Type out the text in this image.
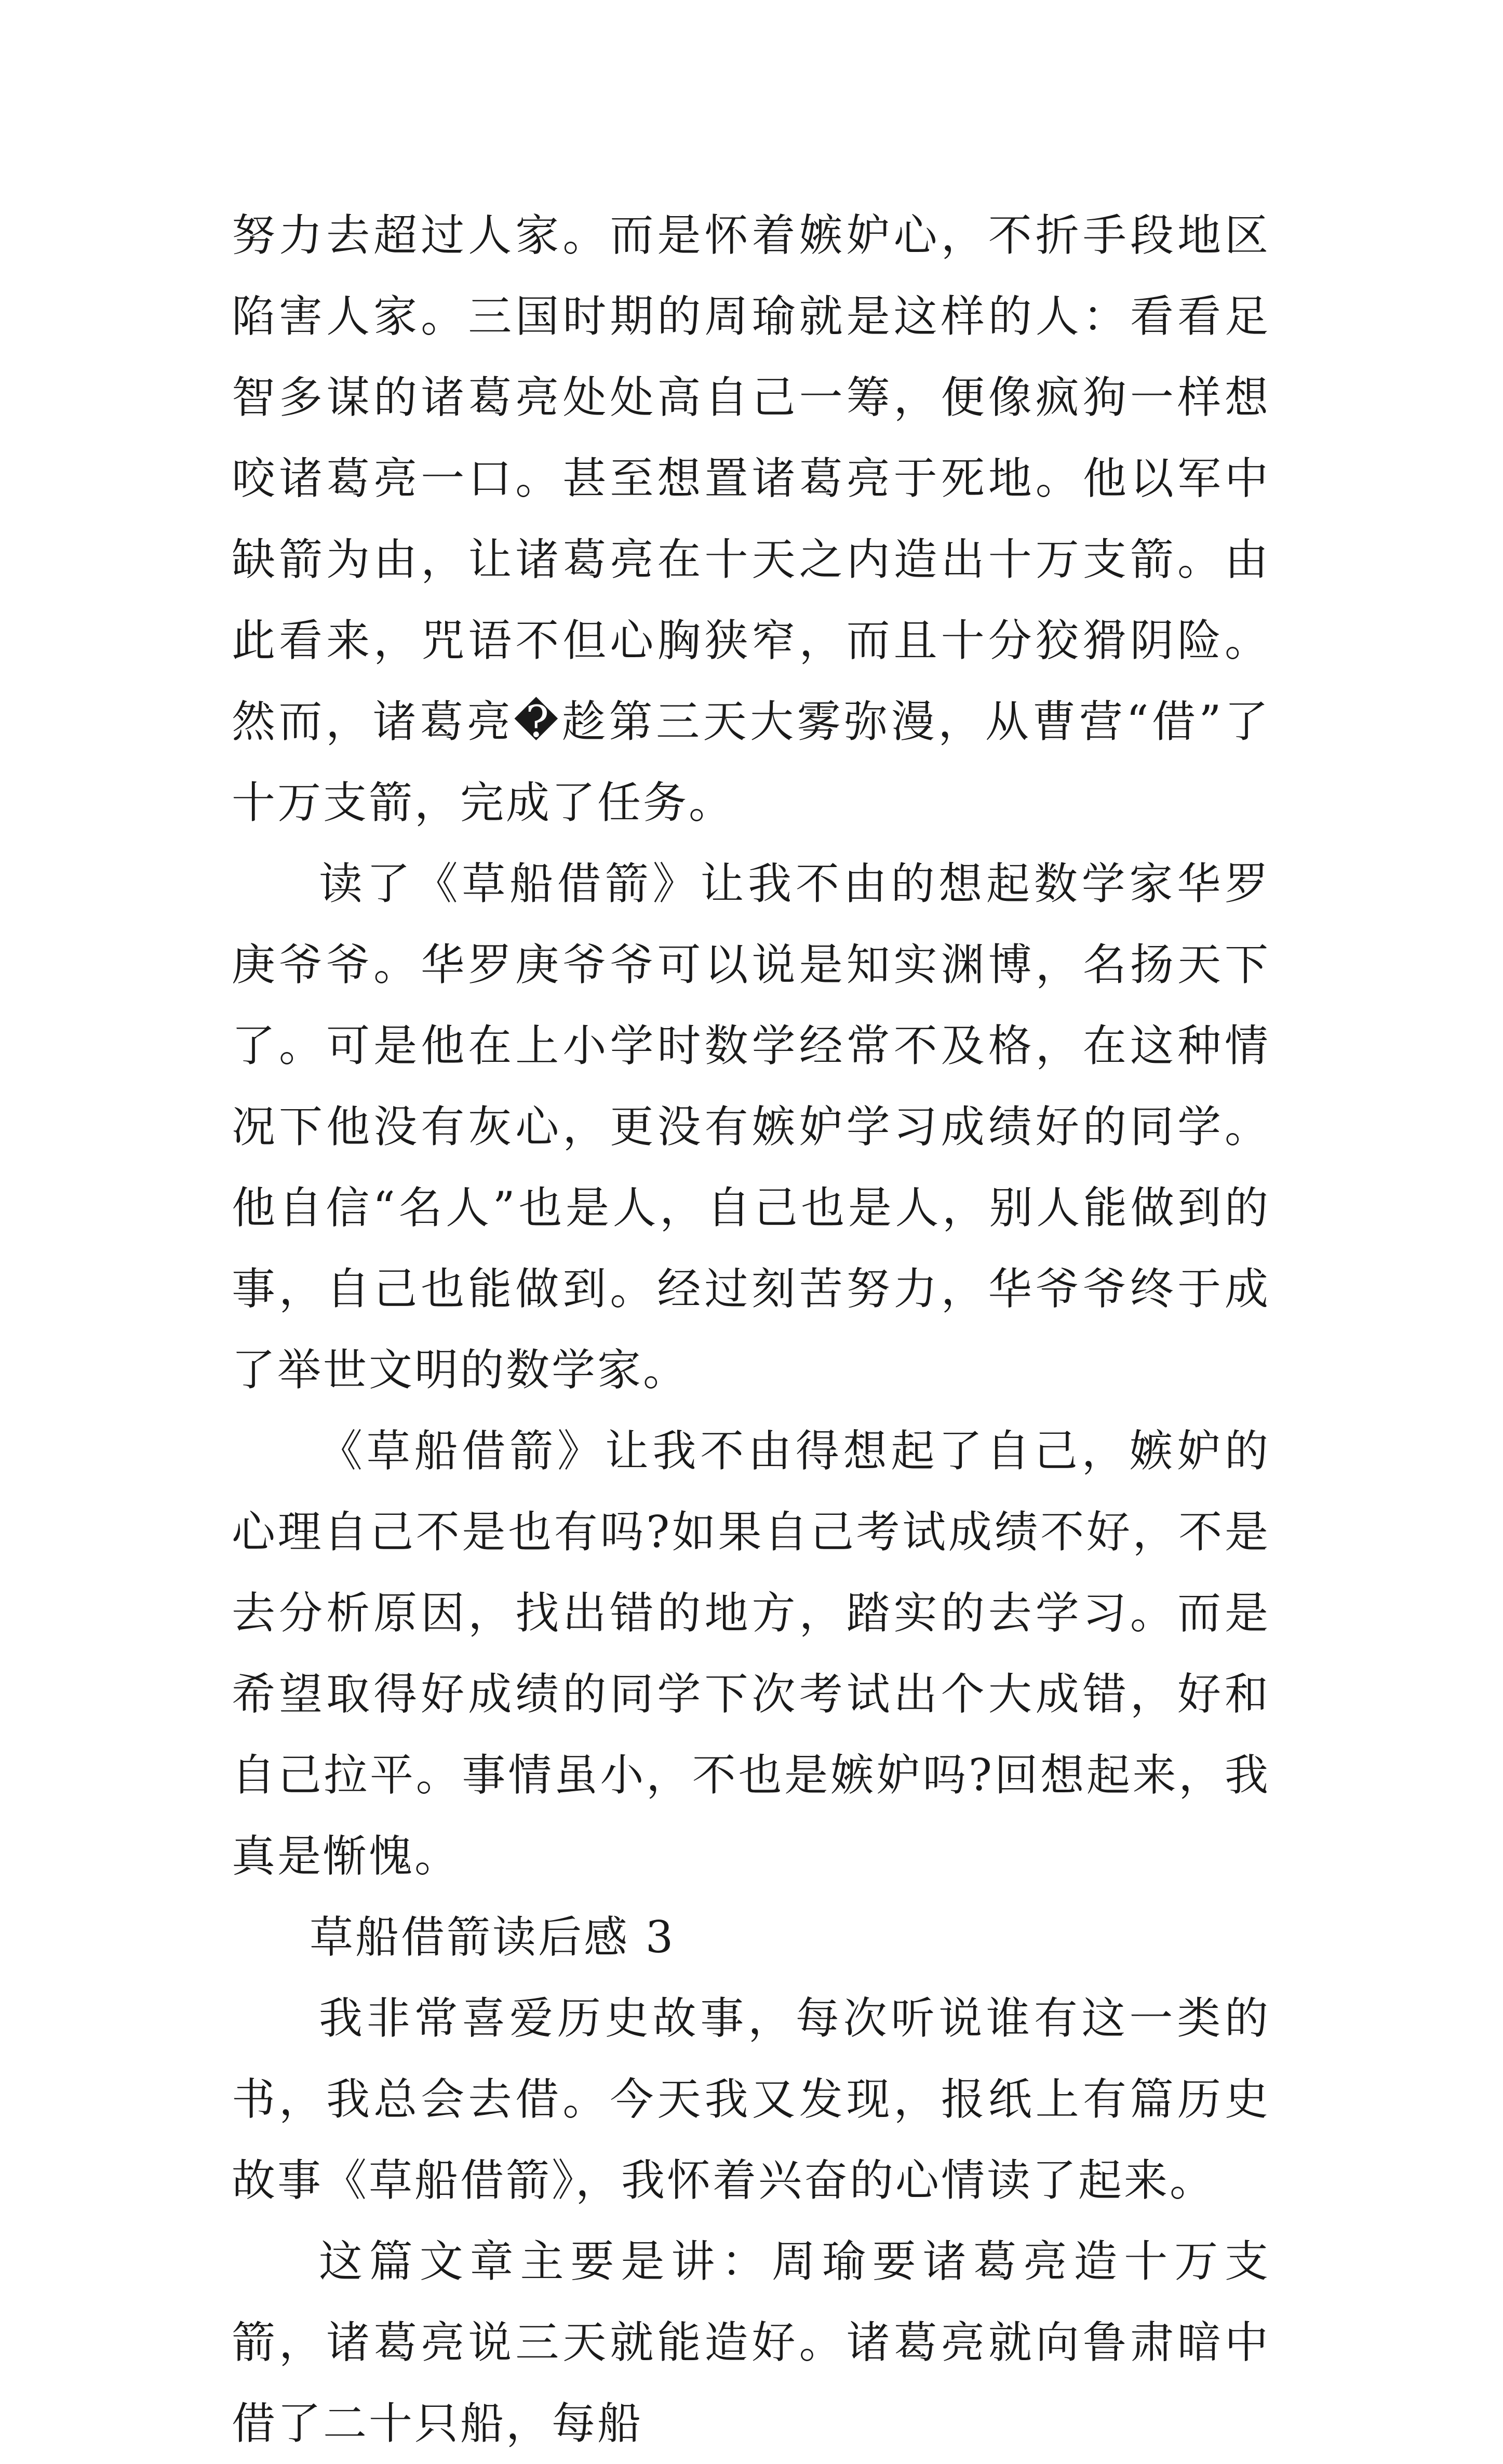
努力去超过人家。而是怀着嫉妒心，不折手段地区陷害人家。三国时期的周瑜就是这样的人：看看足智多谋的诸葛亮处处高自己一筹，便像疯狗一样想咬诸葛亮一口。甚至想置诸葛亮于死地。他以军中缺箭为由，让诸葛亮在十天之内造出十万支箭。由此看来，咒语不但心胸狭窄，而且十分狡猾阴险。然而，诸葛亮�趁第三天大雾弥漫，从曹营“借”了十万支箭，完成了任务。

读了《草船借箭》让我不由的想起数学家华罗庚爷爷。华罗庚爷爷可以说是知实渊博，名扬天下了。可是他在上小学时数学经常不及格，在这种情况下他没有灰心，更没有嫉妒学习成绩好的同学。他自信“名人”也是人，自己也是人，别人能做到的事，自己也能做到。经过刻苦努力，华爷爷终于成了举世文明的数学家。

《草船借箭》让我不由得想起了自己，嫉妒的心理自己不是也有吗?如果自己考试成绩不好，不是去分析原因，找出错的地方，踏实的去学习。而是希望取得好成绩的同学下次考试出个大成错，好和自己拉平。事情虽小，不也是嫉妒吗?回想起来，我真是惭愧。

草船借箭读后感 3

我非常喜爱历史故事，每次听说谁有这一类的书，我总会去借。今天我又发现，报纸上有篇历史故事《草船借箭》，我怀着兴奋的心情读了起来。

这篇文章主要是讲：周瑜要诸葛亮造十万支箭，诸葛亮说三天就能造好。诸葛亮就向鲁肃暗中借了二十只船，每船
